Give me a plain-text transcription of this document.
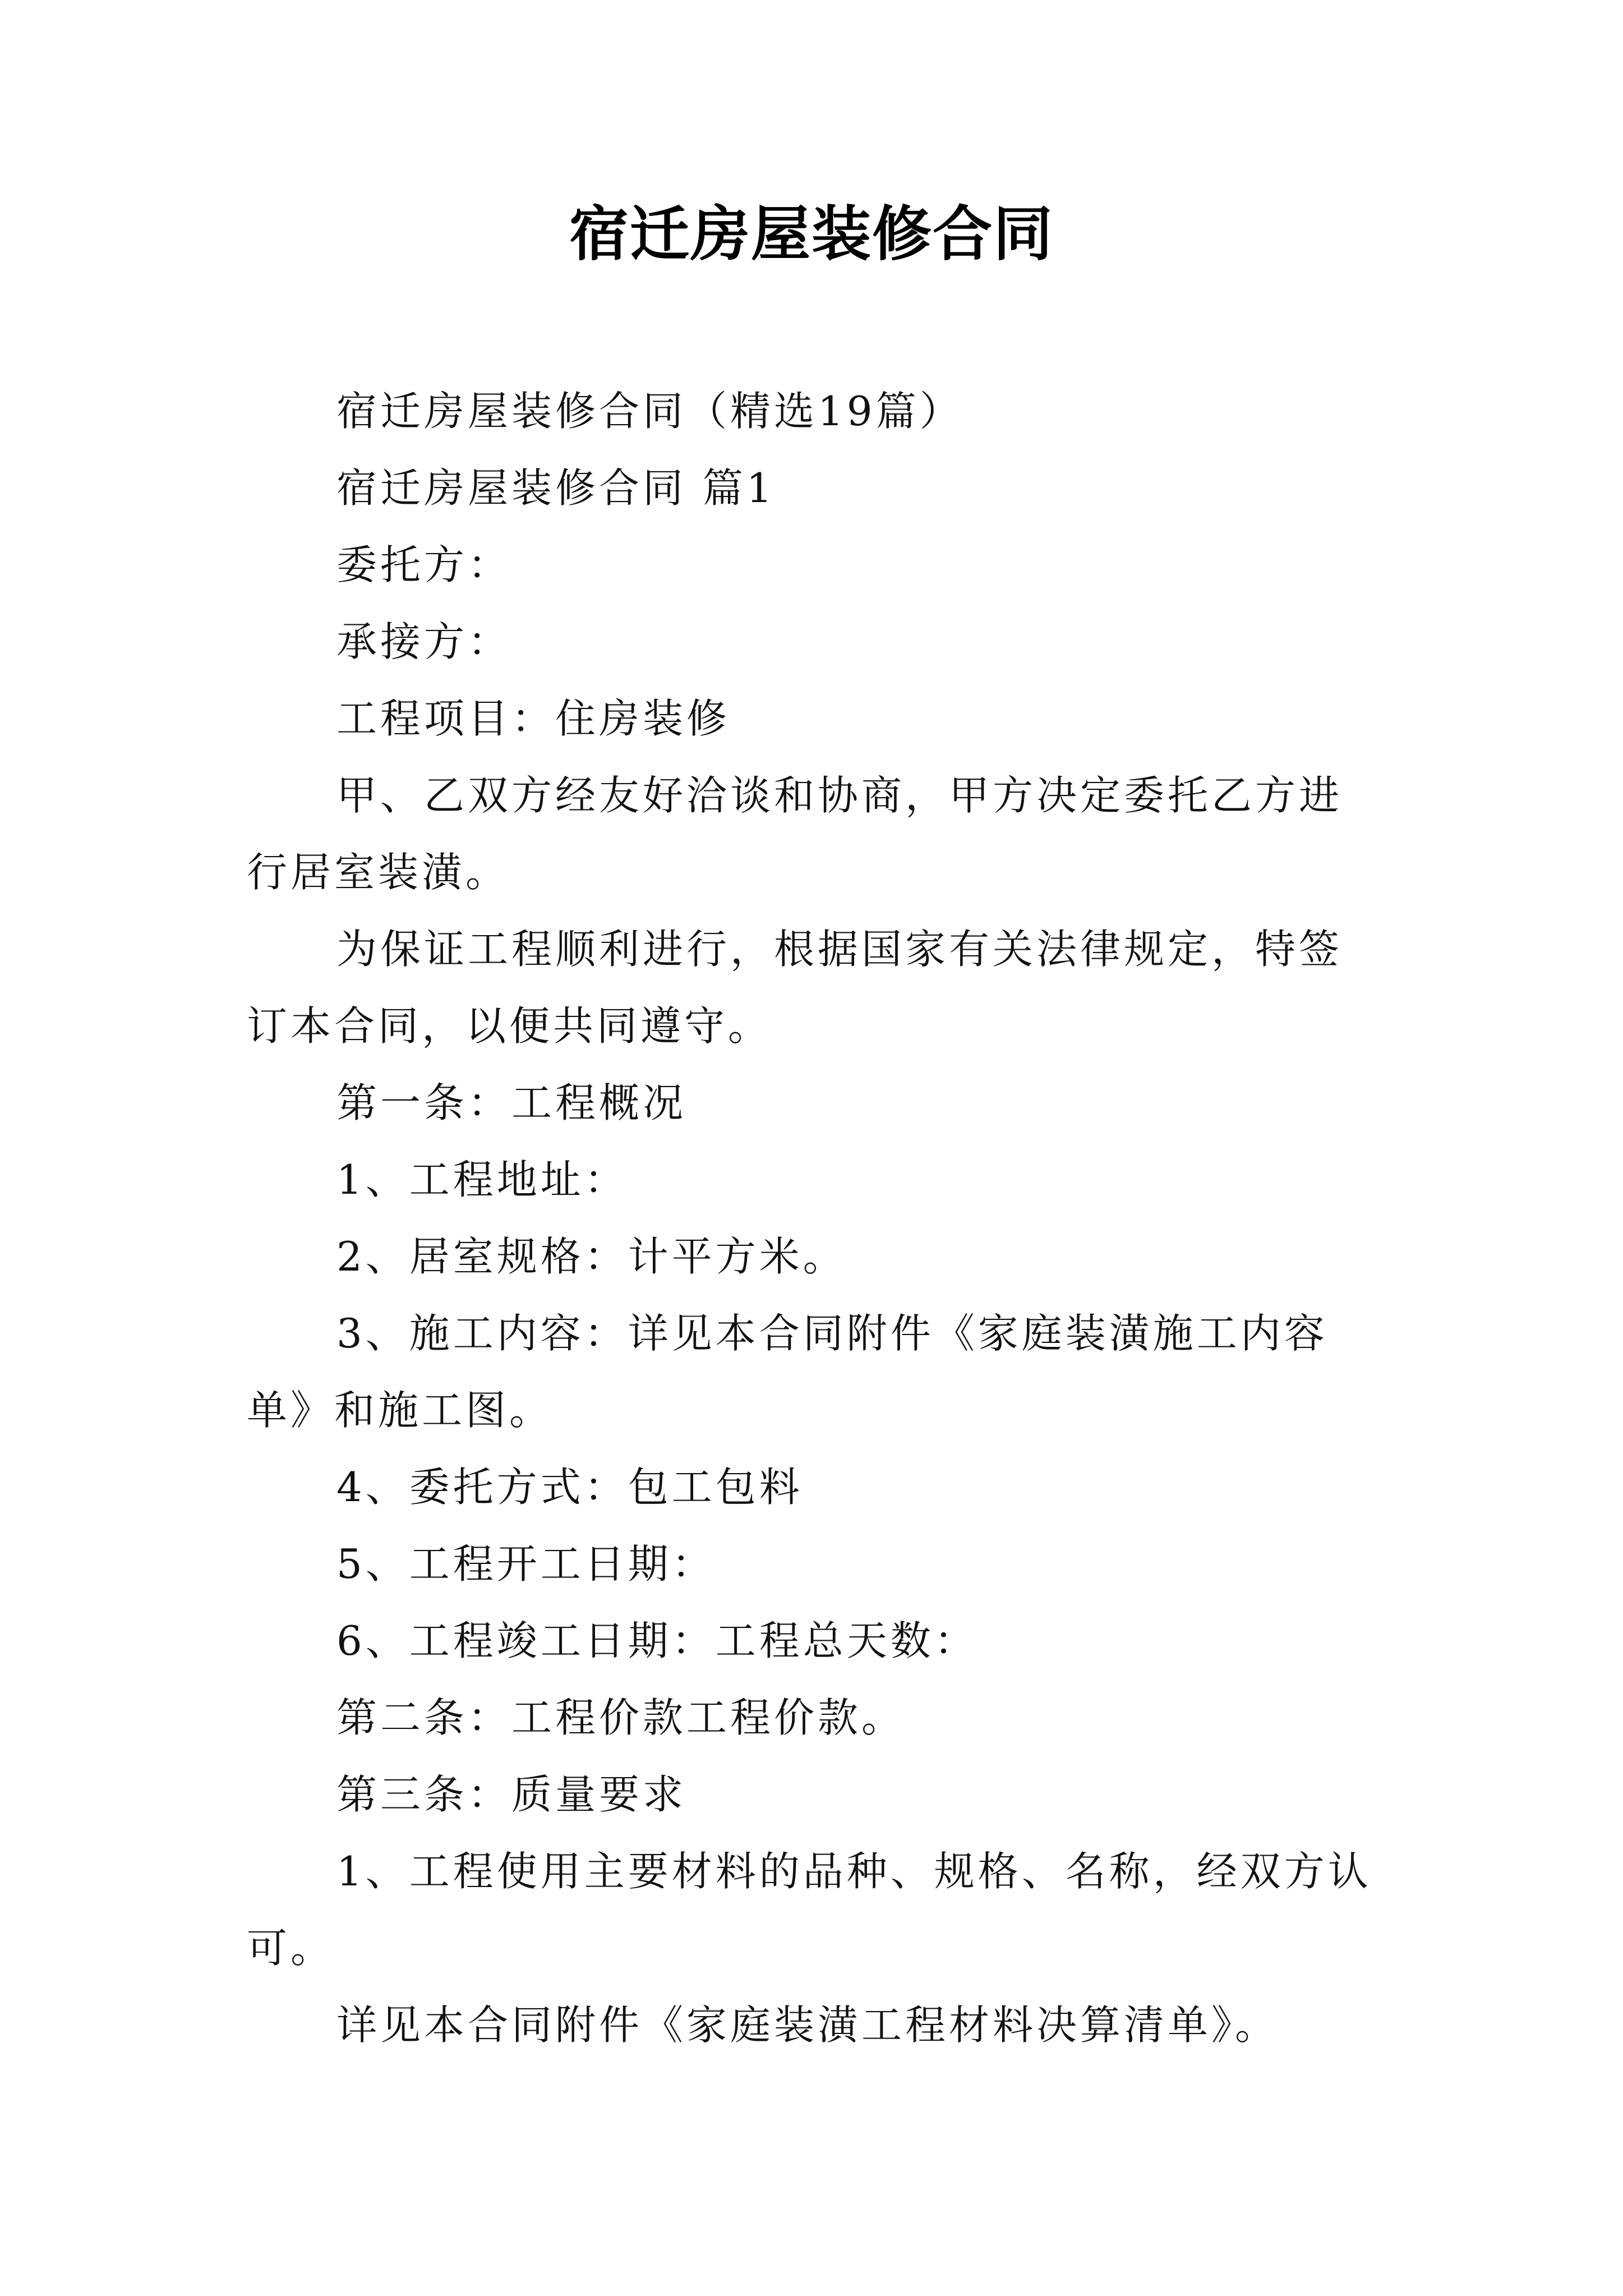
宿迁房屋装修合同

宿迁房屋装修合同（精选19篇）

宿迁房屋装修合同 篇1

委托方：

承接方：

工程项目：住房装修

甲、乙双方经友好洽谈和协商，甲方决定委托乙方进行居室装潢。

为保证工程顺利进行，根据国家有关法律规定，特签订本合同，以便共同遵守。

第一条：工程概况

1、工程地址：

2、居室规格：计平方米。

3、施工内容：详见本合同附件《家庭装潢施工内容单》和施工图。

4、委托方式：包工包料

5、工程开工日期：

6、工程竣工日期：工程总天数：

第二条：工程价款工程价款。

第三条：质量要求

1、工程使用主要材料的品种、规格、名称，经双方认可。

详见本合同附件《家庭装潢工程材料决算清单》。
